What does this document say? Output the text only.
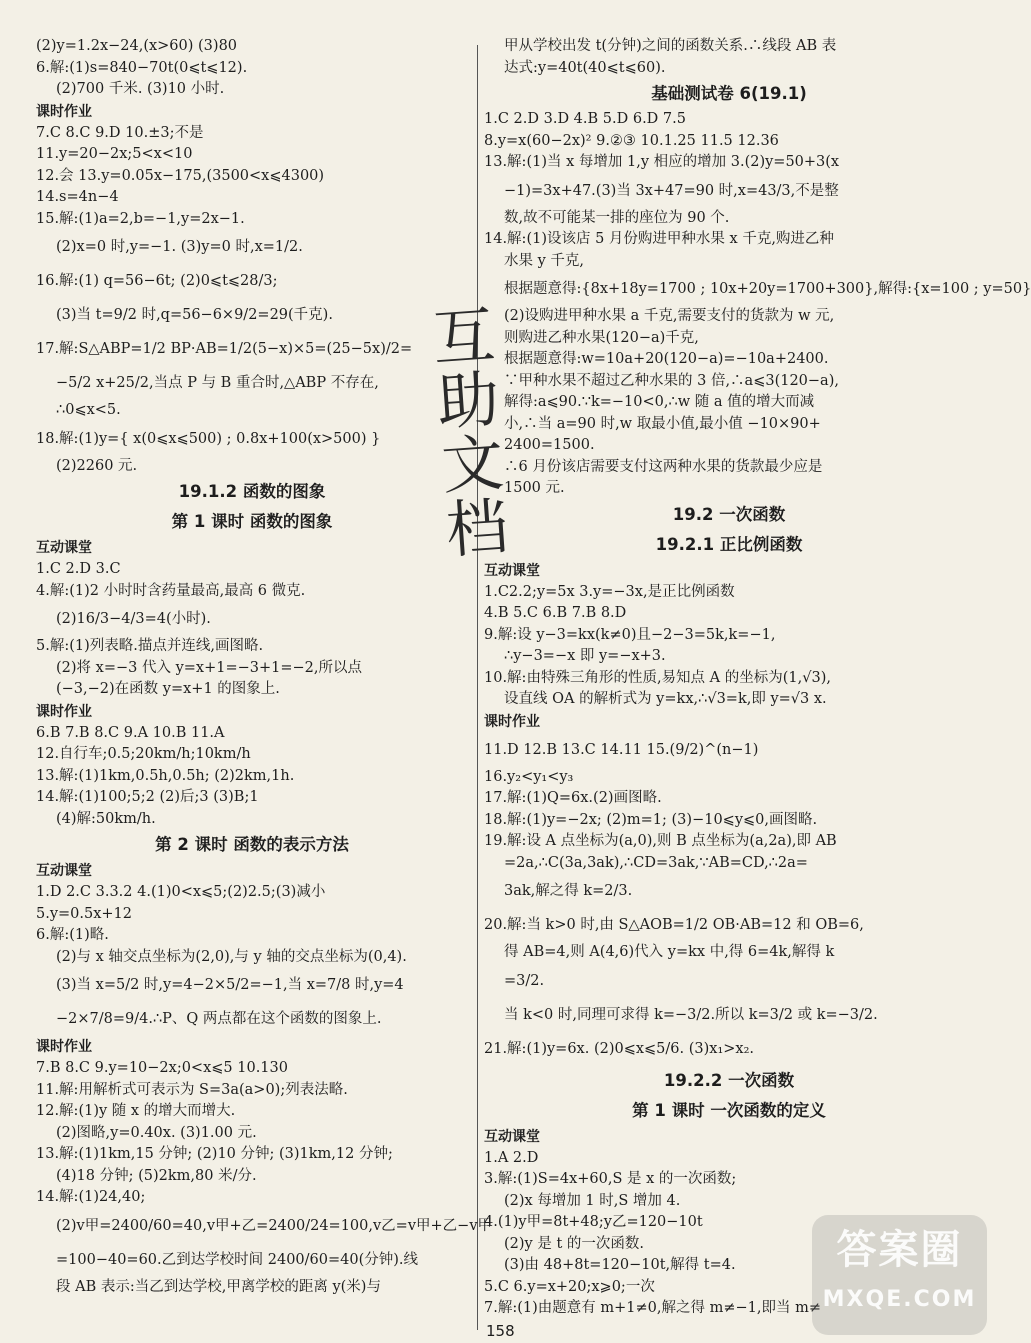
(2)y=1.2x−24,(x>60) (3)80
6.解:(1)s=840−70t(0⩽t⩽12).
(2)700 千米. (3)10 小时.
课时作业
7.C 8.C 9.D 10.±3;不是
11.y=20−2x;5<x<10
12.会 13.y=0.05x−175,(3500<x⩽4300)
14.s=4n−4
15.解:(1)a=2,b=−1,y=2x−1.
(2)x=0 时,y=−1. (3)y=0 时,x=1/2.
16.解:(1) q=56−6t; (2)0⩽t⩽28/3;
(3)当 t=9/2 时,q=56−6×9/2=29(千克).
17.解:S△ABP=1/2 BP·AB=1/2(5−x)×5=(25−5x)/2=
−5/2 x+25/2,当点 P 与 B 重合时,△ABP 不存在,
∴0⩽x<5.
18.解:(1)y={ x(0⩽x⩽500) ; 0.8x+100(x>500) }
(2)2260 元.
19.1.2 函数的图象
第 1 课时 函数的图象
互动课堂
1.C 2.D 3.C
4.解:(1)2 小时时含药量最高,最高 6 微克.
(2)16/3−4/3=4(小时).
5.解:(1)列表略.描点并连线,画图略.
(2)将 x=−3 代入 y=x+1=−3+1=−2,所以点
(−3,−2)在函数 y=x+1 的图象上.
课时作业
6.B 7.B 8.C 9.A 10.B 11.A
12.自行车;0.5;20km/h;10km/h
13.解:(1)1km,0.5h,0.5h; (2)2km,1h.
14.解:(1)100;5;2 (2)后;3 (3)B;1
(4)解:50km/h.
第 2 课时 函数的表示方法
互动课堂
1.D 2.C 3.3.2 4.(1)0<x⩽5;(2)2.5;(3)减小
5.y=0.5x+12
6.解:(1)略.
(2)与 x 轴交点坐标为(2,0),与 y 轴的交点坐标为(0,4).
(3)当 x=5/2 时,y=4−2×5/2=−1,当 x=7/8 时,y=4
−2×7/8=9/4.∴P、Q 两点都在这个函数的图象上.
课时作业
7.B 8.C 9.y=10−2x;0<x⩽5 10.130
11.解:用解析式可表示为 S=3a(a>0);列表法略.
12.解:(1)y 随 x 的增大而增大.
(2)图略,y=0.40x. (3)1.00 元.
13.解:(1)1km,15 分钟; (2)10 分钟; (3)1km,12 分钟;
(4)18 分钟; (5)2km,80 米/分.
14.解:(1)24,40;
(2)v甲=2400/60=40,v甲+乙=2400/24=100,v乙=v甲+乙−v甲
=100−40=60.乙到达学校时间 2400/60=40(分钟).线
段 AB 表示:当乙到达学校,甲离学校的距离 y(米)与
甲从学校出发 t(分钟)之间的函数关系.∴线段 AB 表
达式:y=40t(40⩽t⩽60).
基础测试卷 6(19.1)
1.C 2.D 3.D 4.B 5.D 6.D 7.5
8.y=x(60−2x)² 9.②③ 10.1.25 11.5 12.36
13.解:(1)当 x 每增加 1,y 相应的增加 3.(2)y=50+3(x
−1)=3x+47.(3)当 3x+47=90 时,x=43/3,不是整
数,故不可能某一排的座位为 90 个.
14.解:(1)设该店 5 月份购进甲种水果 x 千克,购进乙种
水果 y 千克,
根据题意得:{8x+18y=1700 ; 10x+20y=1700+300},解得:{x=100 ; y=50}
(2)设购进甲种水果 a 千克,需要支付的货款为 w 元,
则购进乙种水果(120−a)千克,
根据题意得:w=10a+20(120−a)=−10a+2400.
∵甲种水果不超过乙种水果的 3 倍,∴a⩽3(120−a),
解得:a⩽90.∵k=−10<0,∴w 随 a 值的增大而减
小,∴当 a=90 时,w 取最小值,最小值 −10×90+
2400=1500.
∴6 月份该店需要支付这两种水果的货款最少应是
1500 元.
19.2 一次函数
19.2.1 正比例函数
互动课堂
1.C2.2;y=5x 3.y=−3x,是正比例函数
4.B 5.C 6.B 7.B 8.D
9.解:设 y−3=kx(k≠0)且−2−3=5k,k=−1,
∴y−3=−x 即 y=−x+3.
10.解:由特殊三角形的性质,易知点 A 的坐标为(1,√3),
设直线 OA 的解析式为 y=kx,∴√3=k,即 y=√3 x.
课时作业
11.D 12.B 13.C 14.11 15.(9/2)^(n−1)
16.y₂<y₁<y₃
17.解:(1)Q=6x.(2)画图略.
18.解:(1)y=−2x; (2)m=1; (3)−10⩽y⩽0,画图略.
19.解:设 A 点坐标为(a,0),则 B 点坐标为(a,2a),即 AB
=2a,∴C(3a,3ak),∴CD=3ak,∵AB=CD,∴2a=
3ak,解之得 k=2/3.
20.解:当 k>0 时,由 S△AOB=1/2 OB·AB=12 和 OB=6,
得 AB=4,则 A(4,6)代入 y=kx 中,得 6=4k,解得 k
=3/2.
当 k<0 时,同理可求得 k=−3/2.所以 k=3/2 或 k=−3/2.
21.解:(1)y=6x. (2)0⩽x⩽5/6. (3)x₁>x₂.
19.2.2 一次函数
第 1 课时 一次函数的定义
互动课堂
1.A 2.D
3.解:(1)S=4x+60,S 是 x 的一次函数;
(2)x 每增加 1 时,S 增加 4.
4.(1)y甲=8t+48;y乙=120−10t
(2)y 是 t 的一次函数.
(3)由 48+8t=120−10t,解得 t=4.
5.C 6.y=x+20;x⩾0;一次
7.解:(1)由题意有 m+1≠0,解之得 m≠−1,即当 m≠
互
助
文
档
答案圈
MXQE.COM
158
